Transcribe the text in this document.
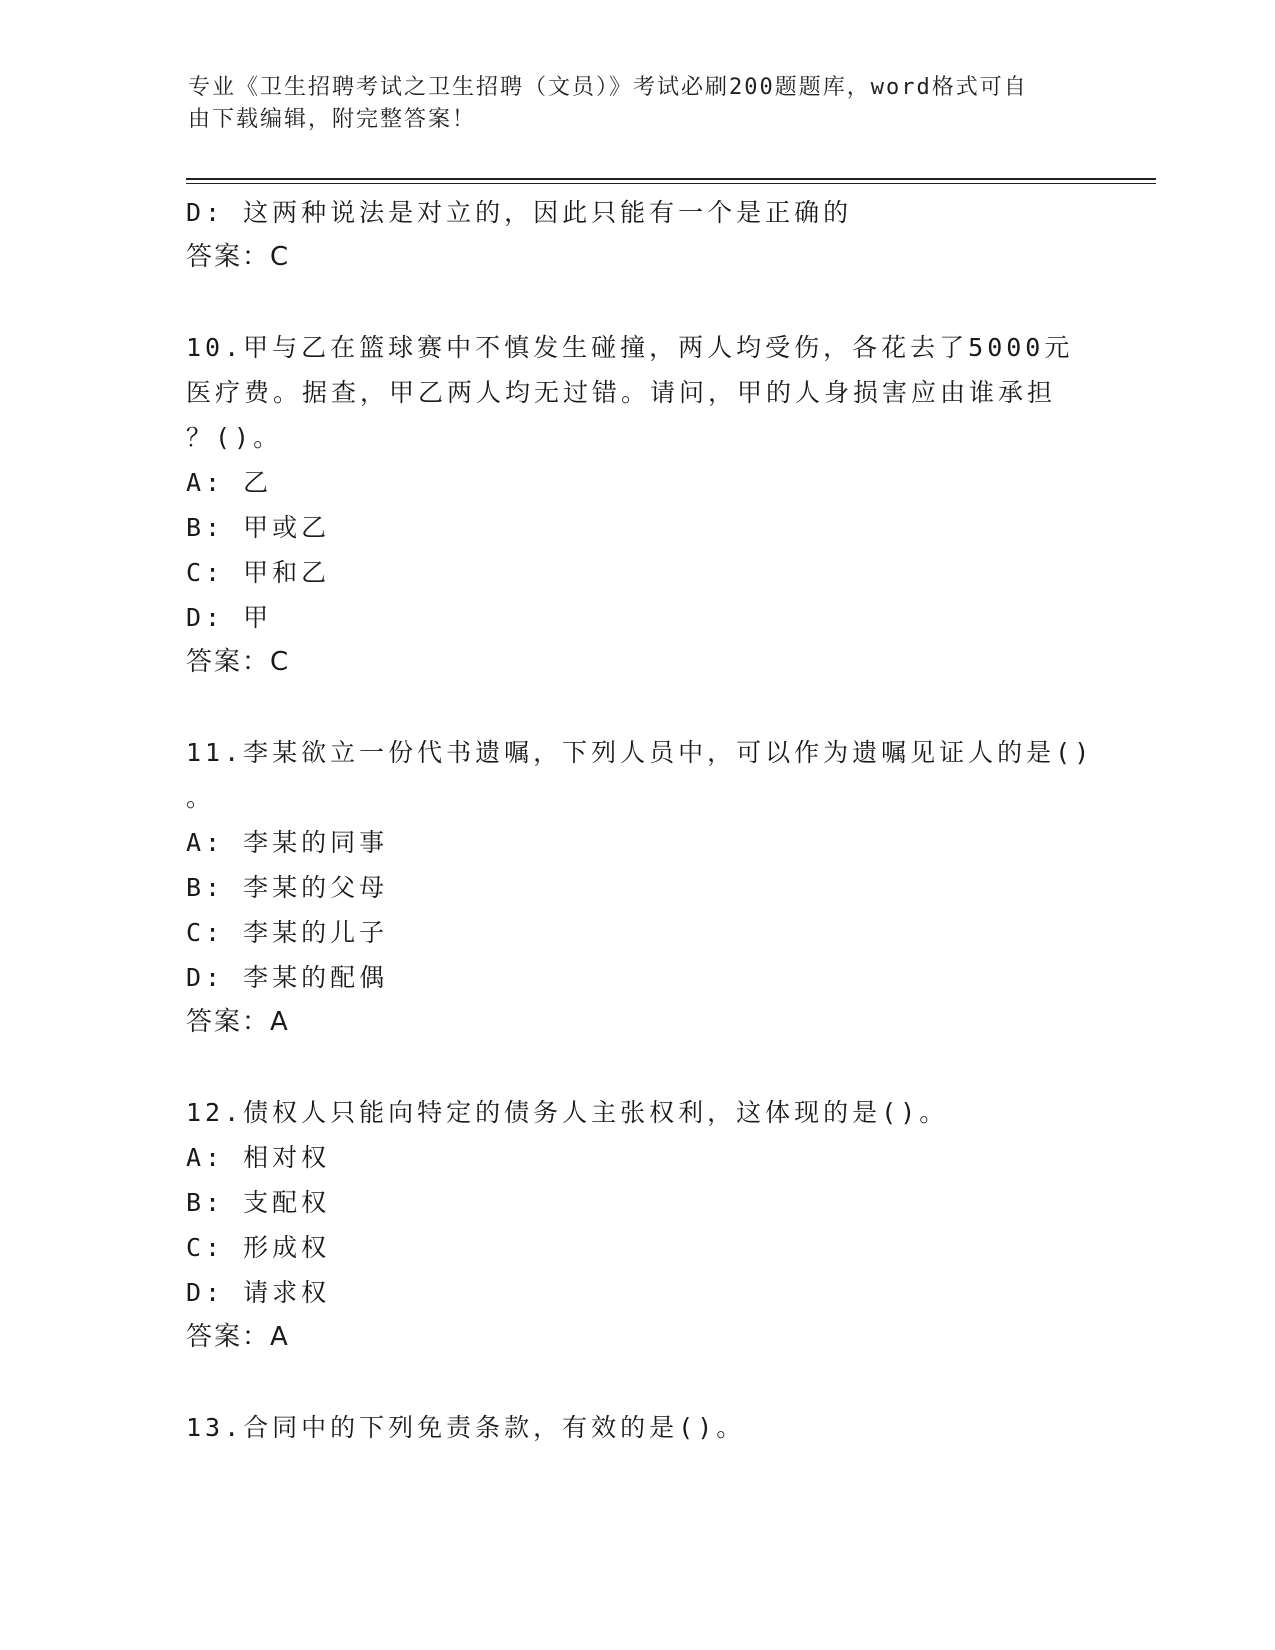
专业《卫生招聘考试之卫生招聘（文员）》考试必刷200题题库，word格式可自
由下载编辑，附完整答案！
D: 这两种说法是对立的，因此只能有一个是正确的
答案：C
10.甲与乙在篮球赛中不慎发生碰撞，两人均受伤，各花去了5000元
医疗费。据查，甲乙两人均无过错。请问，甲的人身损害应由谁承担
？()。
A: 乙
B: 甲或乙
C: 甲和乙
D: 甲
答案：C
11.李某欲立一份代书遗嘱，下列人员中，可以作为遗嘱见证人的是()
。
A: 李某的同事
B: 李某的父母
C: 李某的儿子
D: 李某的配偶
答案：A
12.债权人只能向特定的债务人主张权利，这体现的是()。
A: 相对权
B: 支配权
C: 形成权
D: 请求权
答案：A
13.合同中的下列免责条款，有效的是()。
